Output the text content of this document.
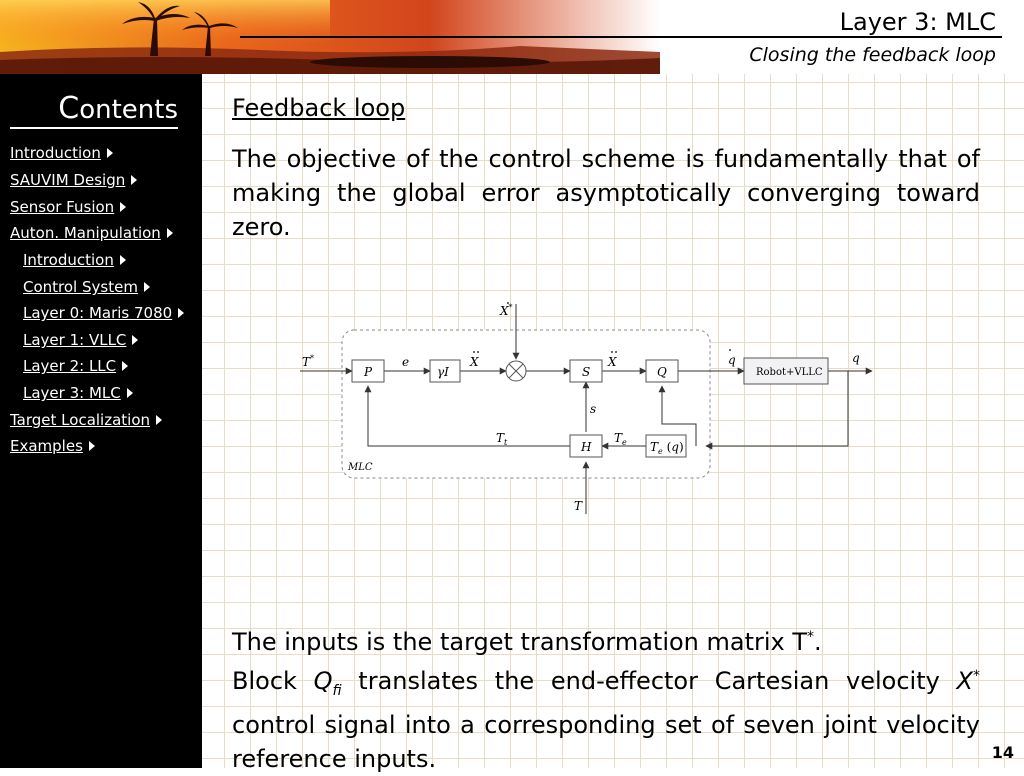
Layer 3: MLC
Closing the feedback loop
Contents
Introduction
SAUVIM Design
Sensor Fusion
Auton. Manipulation
Introduction
Control System
Layer 0: Maris 7080
Layer 1: VLLC
Layer 2: LLC
Layer 3: MLC
Target Localization
Examples
Feedback loop
The objective of the control scheme is fundamentally that of making the global error asymptotically converging toward zero.
T*
P
e
γI
X
X*
S
X
Q
q	q
s
H
$T_t$	$T_e$ $T_e$ (q)
T
Robot+VLLC
MLC

The inputs is the target transformation matrix T*.

Block $Q_{fi}$ translates the end-effector Cartesian velocity X* control signal into a corresponding set of seven joint velocity reference inputs.	14
